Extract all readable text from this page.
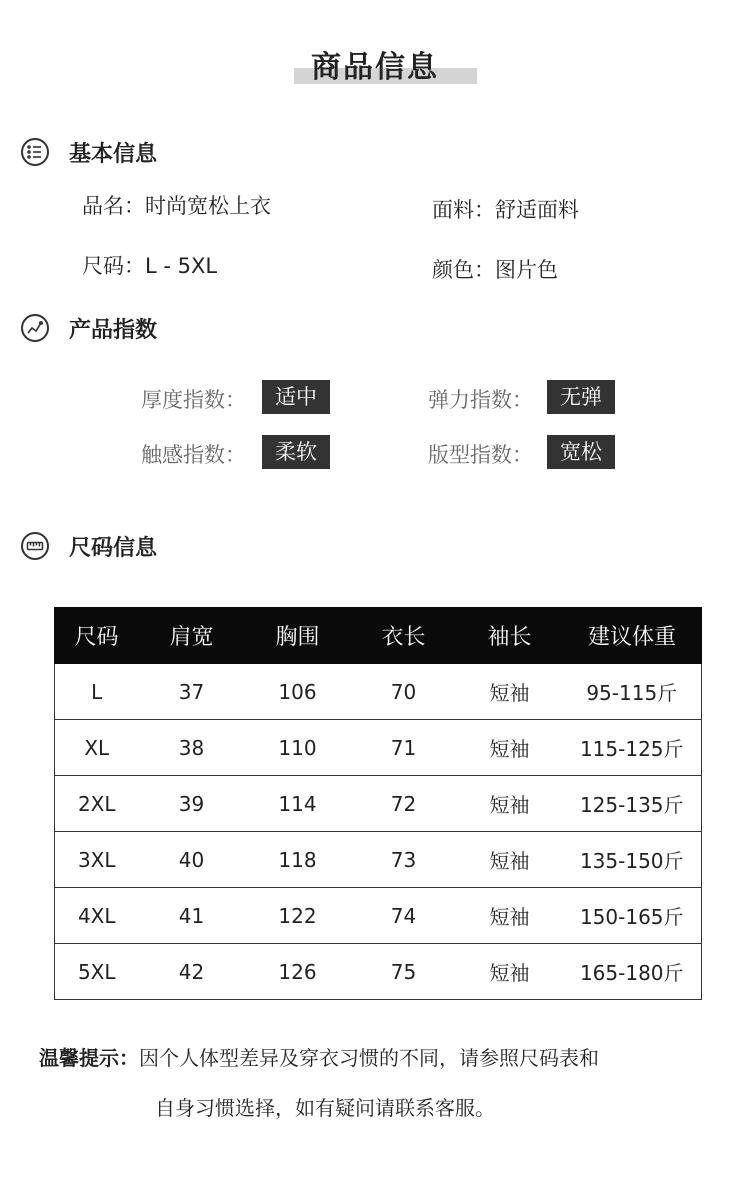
商品信息
基本信息
品名：时尚宽松上衣	面料：舒适面料
尺码：L - 5XL	颜色：图片色
产品指数
厚度指数：	适中	弹力指数：	无弹
触感指数：	柔软	版型指数：	宽松
尺码信息
尺码	肩宽	胸围	衣长	袖长	建议体重
L	37	106	70	短袖	95-115斤
XL	38	110	71	短袖	115-125斤
2XL	39	114	72	短袖	125-135斤
3XL	40	118	73	短袖	135-150斤
4XL	41	122	74	短袖	150-165斤
5XL	42	126	75	短袖	165-180斤
温馨提示：因个人体型差异及穿衣习惯的不同，请参照尺码表和
自身习惯选择，如有疑问请联系客服。
